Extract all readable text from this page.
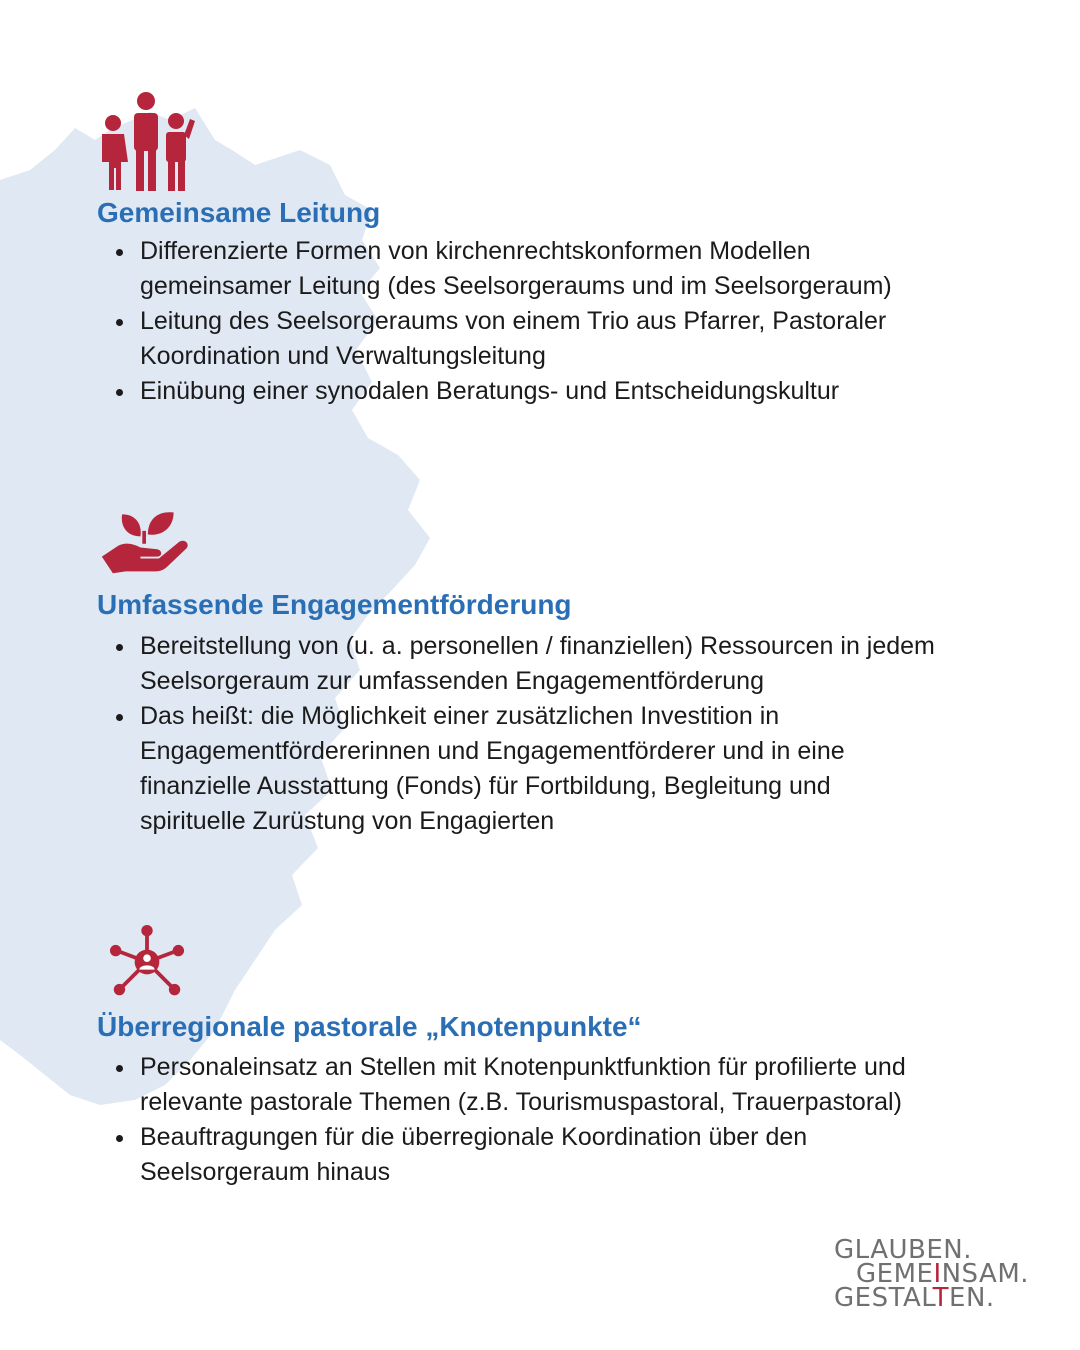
Gemeinsame Leitung
Differenzierte Formen von kirchenrechtskonformen Modellen gemeinsamer Leitung (des Seelsorgeraums und im Seelsorgeraum)
Leitung des Seelsorgeraums von einem Trio aus Pfarrer, Pastoraler Koordination und Verwaltungsleitung
Einübung einer synodalen Beratungs- und Entscheidungskultur
Umfassende Engagementförderung
Bereitstellung von (u. a. personellen / finanziellen) Ressourcen in jedem Seelsorgeraum zur umfassenden Engagementförderung
Das heißt: die Möglichkeit einer zusätzlichen Investition in Engagementfördererinnen und Engagementförderer und in eine finanzielle Ausstattung (Fonds) für Fortbildung, Begleitung und spirituelle Zurüstung von Engagierten
Überregionale pastorale „Knotenpunkte“
Personaleinsatz an Stellen mit Knotenpunktfunktion für profilierte und relevante pastorale Themen (z.B. Tourismuspastoral, Trauerpastoral)
Beauftragungen für die überregionale Koordination über den Seelsorgeraum hinaus
GLAUBEN.
GEMEINSAM.
GESTALTEN.
